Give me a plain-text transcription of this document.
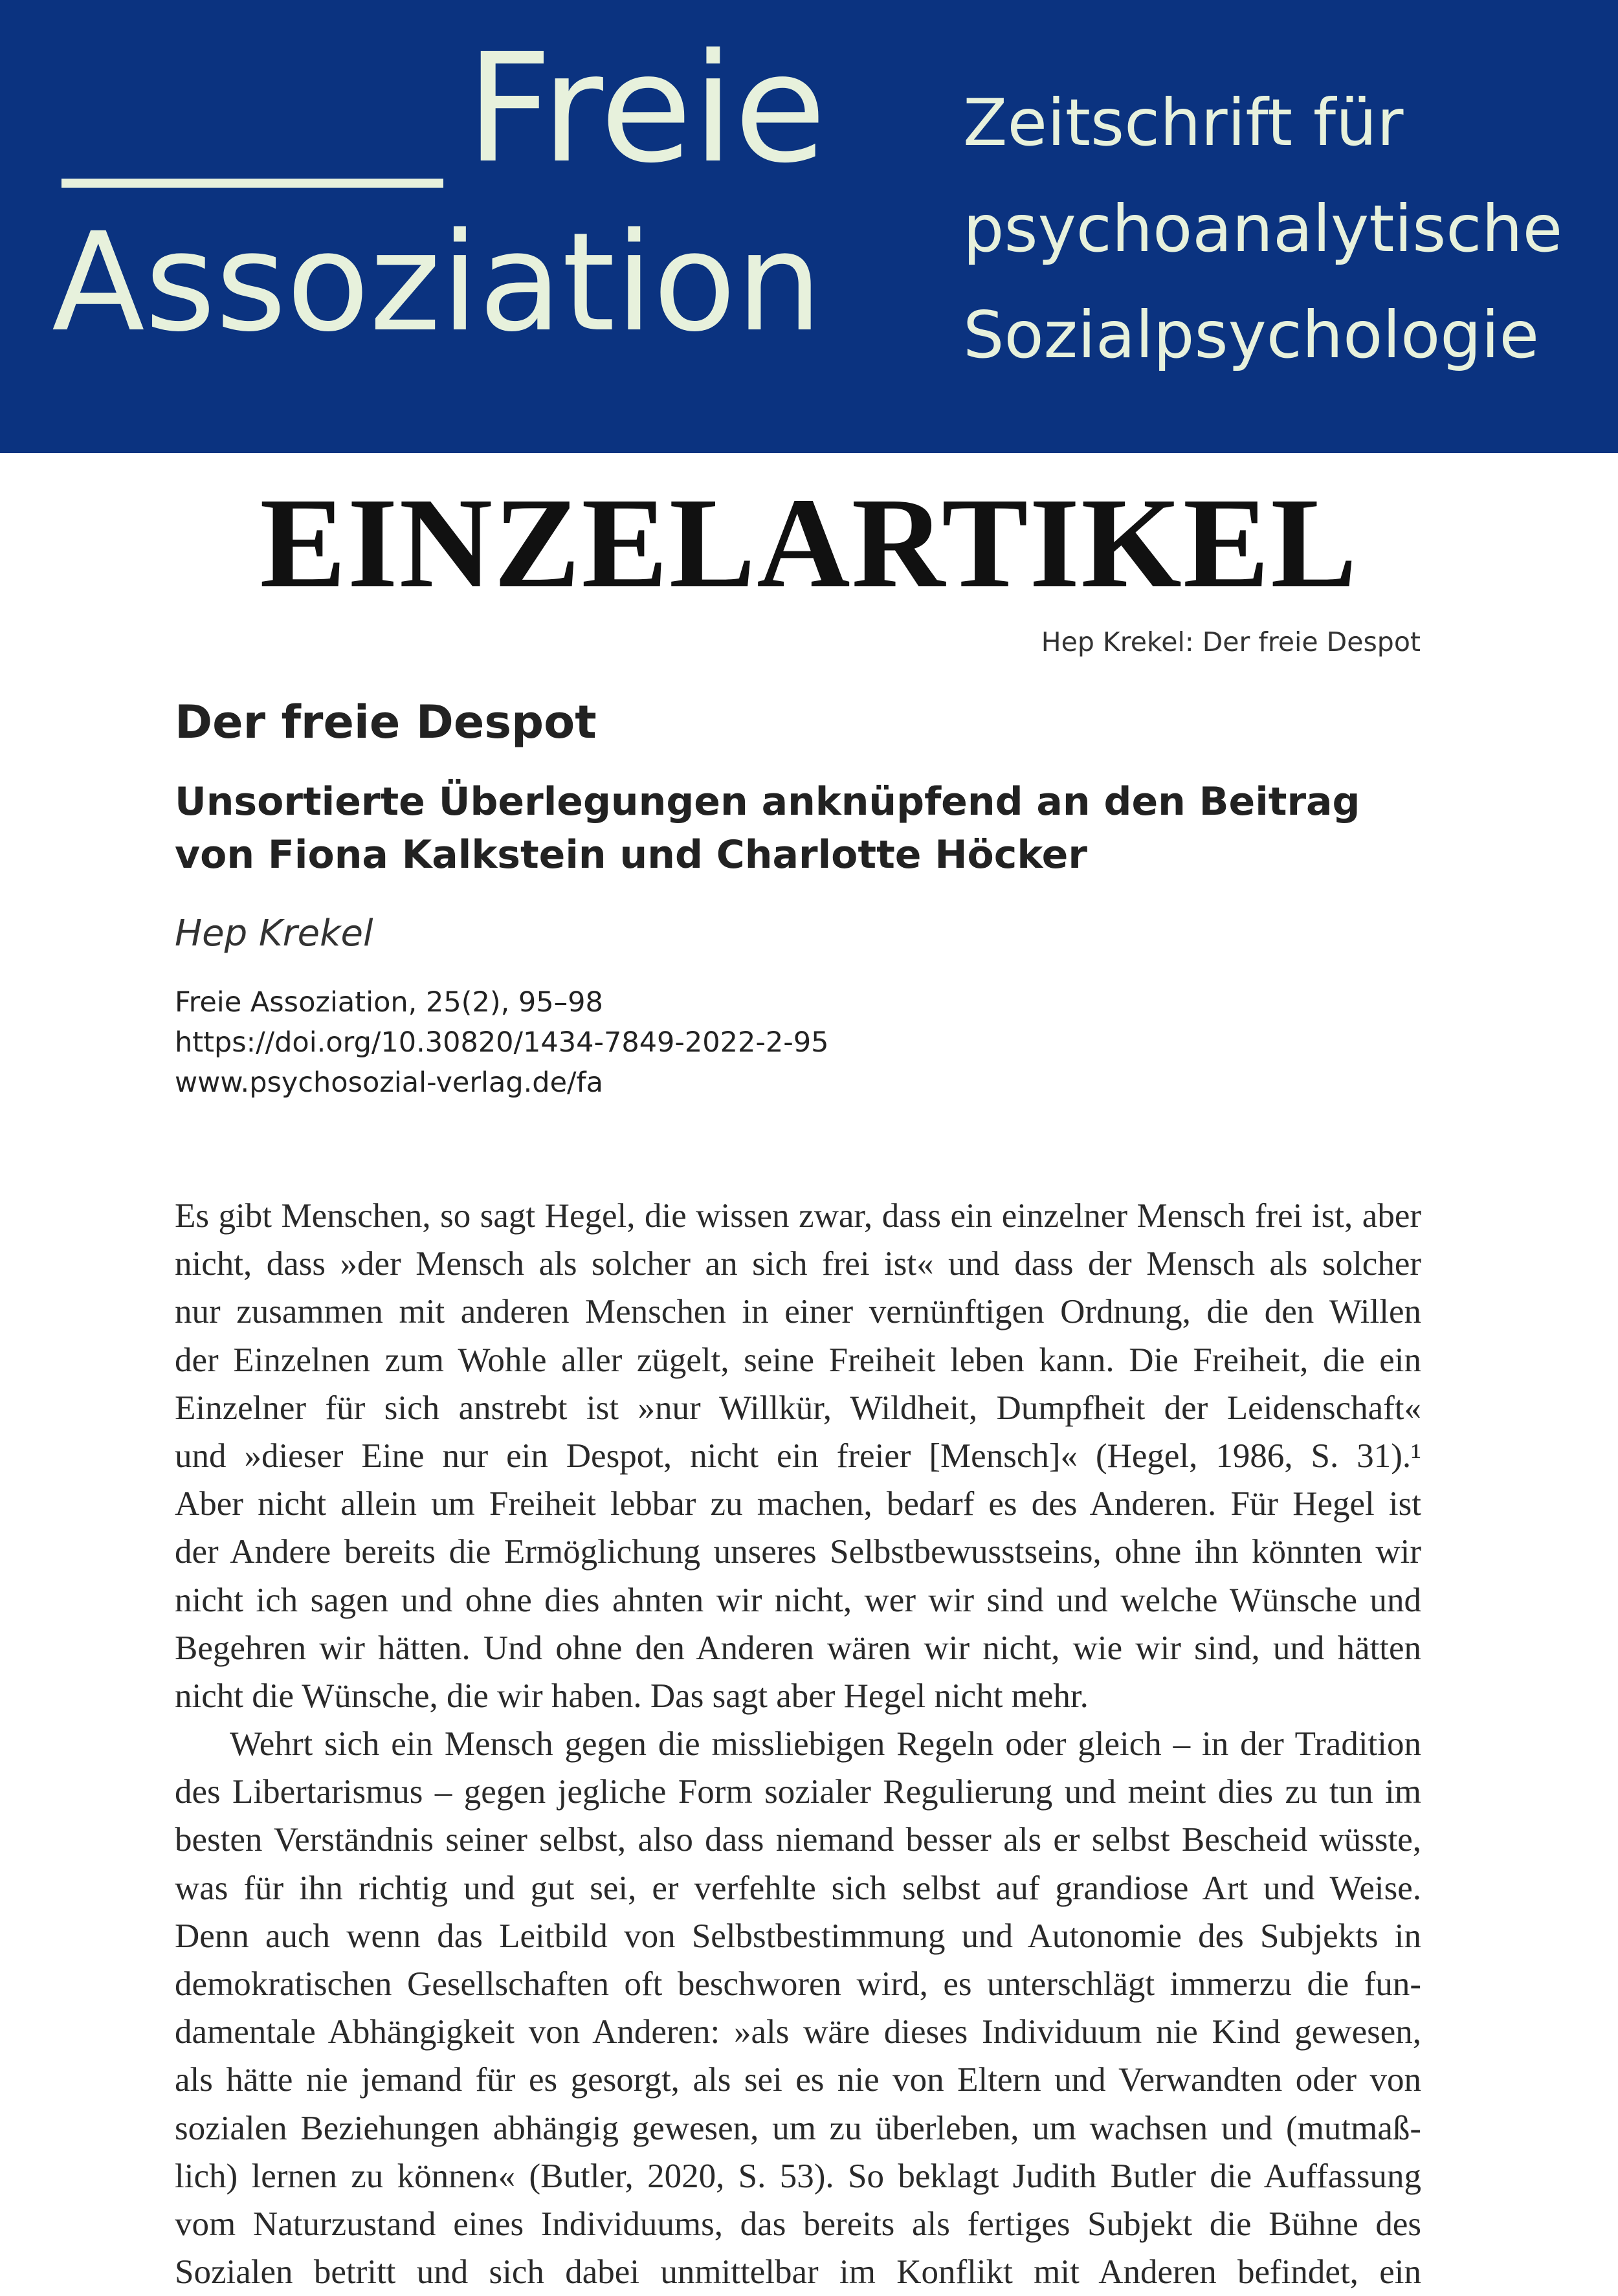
Freie
Assoziation
Zeitschrift für
psychoanalytische
Sozialpsychologie
EINZELARTIKEL
Hep Krekel: Der freie Despot
Der freie Despot
Unsortierte Überlegungen anknüpfend an den Beitrag
von Fiona Kalkstein und Charlotte Höcker
Hep Krekel
Freie Assoziation, 25(2), 95–98
https://doi.org/10.30820/1434-7849-2022-2-95
www.psychosozial-verlag.de/fa
Es gibt Menschen, so sagt Hegel, die wissen zwar, dass ein einzelner Mensch frei ist, aber
nicht, dass »der Mensch als solcher an sich frei ist« und dass der Mensch als solcher
nur zusammen mit anderen Menschen in einer vernünftigen Ordnung, die den Willen
der Einzelnen zum Wohle aller zügelt, seine Freiheit leben kann. Die Freiheit, die ein
Einzelner für sich anstrebt ist »nur Willkür, Wildheit, Dumpfheit der Leidenschaft«
und »dieser Eine nur ein Despot, nicht ein freier [Mensch]« (Hegel, 1986, S. 31).¹
Aber nicht allein um Freiheit lebbar zu machen, bedarf es des Anderen. Für Hegel ist
der Andere bereits die Ermöglichung unseres Selbstbewusstseins, ohne ihn könnten wir
nicht ich sagen und ohne dies ahnten wir nicht, wer wir sind und welche Wünsche und
Begehren wir hätten. Und ohne den Anderen wären wir nicht, wie wir sind, und hätten
nicht die Wünsche, die wir haben. Das sagt aber Hegel nicht mehr.
Wehrt sich ein Mensch gegen die missliebigen Regeln oder gleich – in der Tradition
des Libertarismus – gegen jegliche Form sozialer Regulierung und meint dies zu tun im
besten Verständnis seiner selbst, also dass niemand besser als er selbst Bescheid wüsste,
was für ihn richtig und gut sei, er verfehlte sich selbst auf grandiose Art und Weise.
Denn auch wenn das Leitbild von Selbstbestimmung und Autonomie des Subjekts in
demokratischen Gesellschaften oft beschworen wird, es unterschlägt immerzu die fun-
damentale Abhängigkeit von Anderen: »als wäre dieses Individuum nie Kind gewesen,
als hätte nie jemand für es gesorgt, als sei es nie von Eltern und Verwandten oder von
sozialen Beziehungen abhängig gewesen, um zu überleben, um wachsen und (mutmaß-
lich) lernen zu können« (Butler, 2020, S. 53). So beklagt Judith Butler die Auffassung
vom Naturzustand eines Individuums, das bereits als fertiges Subjekt die Bühne des
Sozialen betritt und sich dabei unmittelbar im Konflikt mit Anderen befindet, ein
